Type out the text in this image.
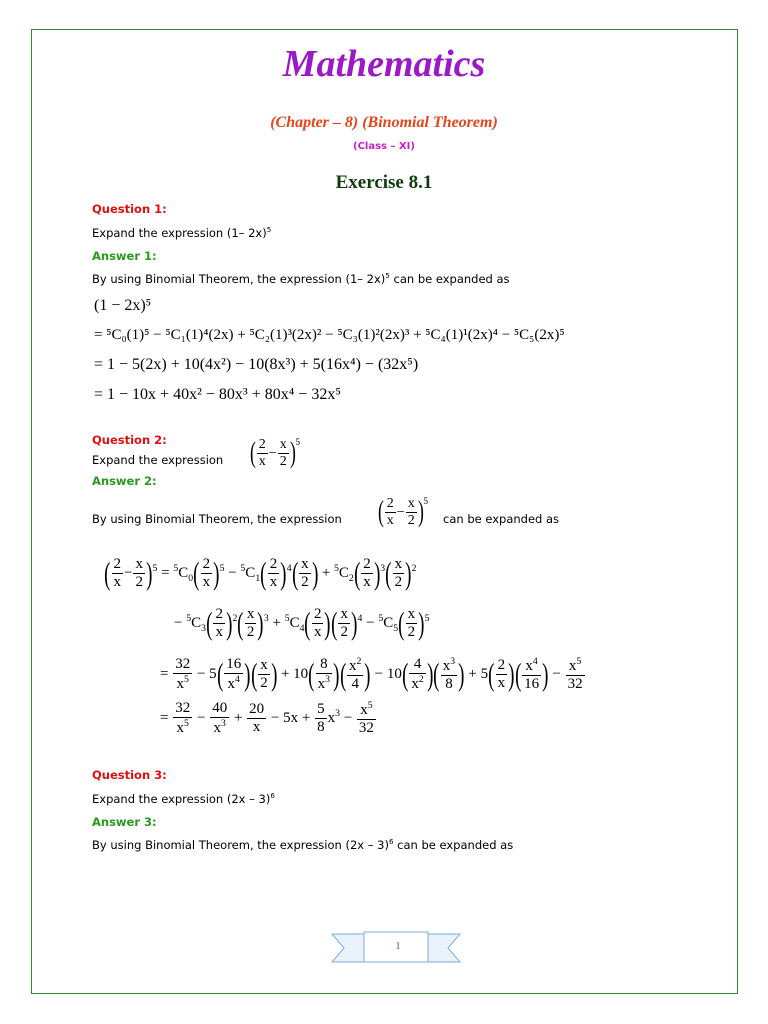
Mathematics
(Chapter – 8) (Binomial Theorem)
(Class – XI)
Exercise 8.1
Question 1:
Expand the expression (1– 2x)$^5$
Answer 1:
By using Binomial Theorem, the expression (1– 2x)$^5$ can be expanded as
(1 − 2x)⁵
= ⁵C₀(1)⁵ − ⁵C₁(1)⁴(2x) + ⁵C₂(1)³(2x)² − ⁵C₃(1)²(2x)³ + ⁵C₄(1)¹(2x)⁴ − ⁵C₅(2x)⁵
= 1 − 5(2x) + 10(4x²) − 10(8x³) + 5(16x⁴) − (32x⁵)
= 1 − 10x + 40x² − 80x³ + 80x⁴ − 32x⁵
Question 2:
Expand the expression ( $\frac{2}{x} - \frac{x}{2} )^5$
Answer 2:
By using Binomial Theorem, the expression ( $\frac{2}{x} - \frac{x}{2} )^5$
can be expanded as
( $\frac{2}{x} - \frac{x}{2} )^5 = ^5C_0( \frac{2}{x} )^5 - ^5C_1( \frac{2}{x} )^4( \frac{x}{2}$ ) + $^5C_2( \frac{2}{x} )^3( \frac{x}{2} )^2$
− $^5C_3( \frac{2}{x} )^2( \frac{x}{2} )^3 + ^5C_4( \frac{2}{x}$ )( $\frac{x}{2} )^4 - ^5C_5( \frac{x}{2} )^5$
= $\frac{32}{x^5} - 5( \frac{16}{x^4}$ )( $\frac{x}{2}$ ) + $10( \frac{8}{x^3}$ )( $\frac{x^2}{4}$ ) − $10( \frac{4}{x^2}$ )( $\frac{x^3}{8}$ ) + $5( \frac{2}{x}$ )( $\frac{x^4}{16}$ ) − $\frac{x^5}{32}$
= $\frac{32}{x^5} - \frac{40}{x^3} + \frac{20}{x} - 5x + \frac{5}{8} x^3 - \frac{x^5}{32}$
Question 3:
Expand the expression (2x – 3)$^6$
Answer 3:
By using Binomial Theorem, the expression (2x – 3)$^6$ can be expanded as
1
